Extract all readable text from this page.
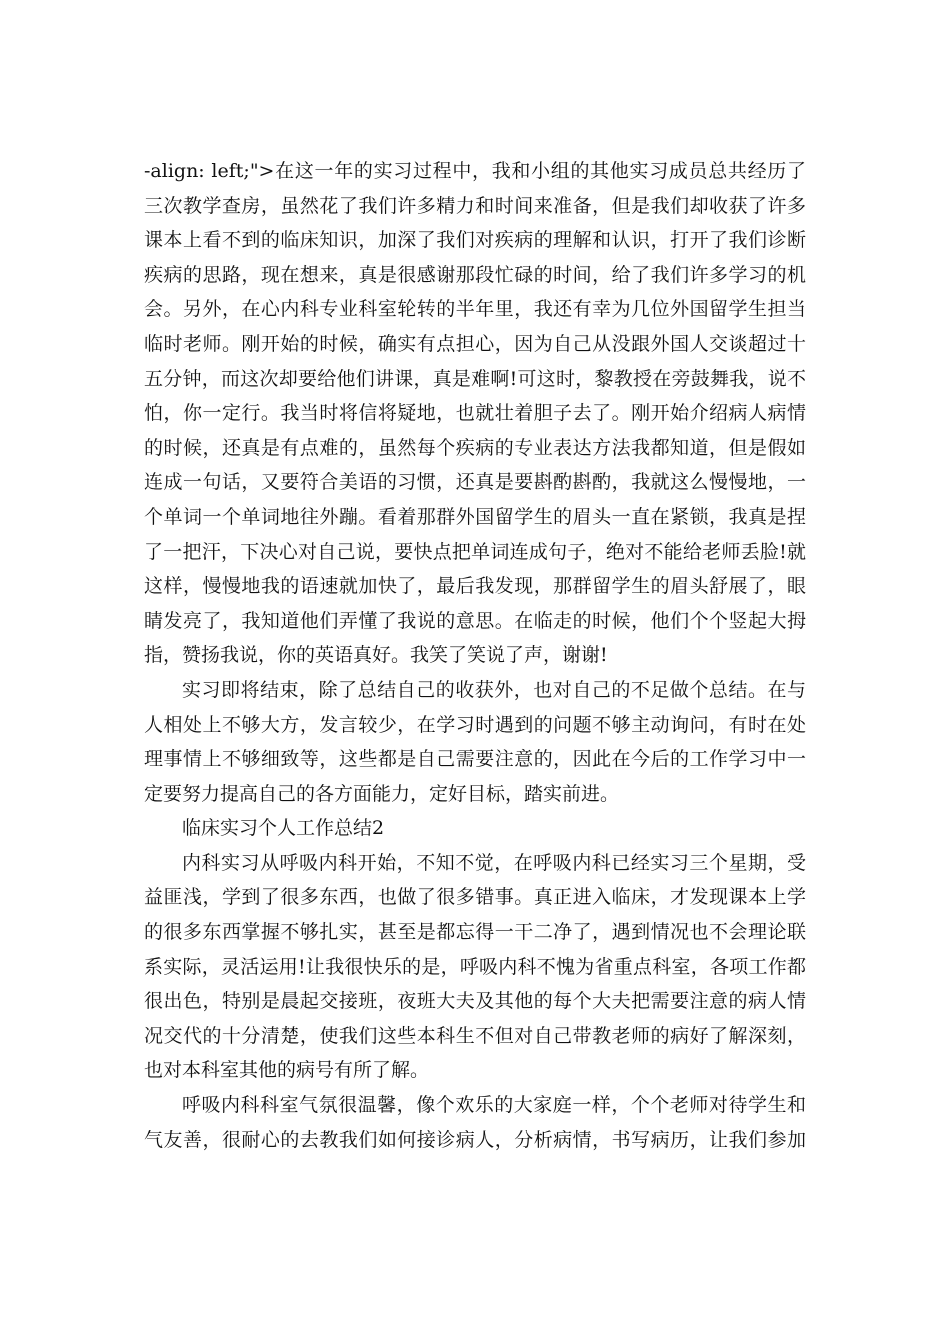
-align: left;">在这一年的实习过程中，我和小组的其他实习成员总共经历了
三次教学查房，虽然花了我们许多精力和时间来准备，但是我们却收获了许多
课本上看不到的临床知识，加深了我们对疾病的理解和认识，打开了我们诊断
疾病的思路，现在想来，真是很感谢那段忙碌的时间，给了我们许多学习的机
会。另外，在心内科专业科室轮转的半年里，我还有幸为几位外国留学生担当
临时老师。刚开始的时候，确实有点担心，因为自己从没跟外国人交谈超过十
五分钟，而这次却要给他们讲课，真是难啊!可这时，黎教授在旁鼓舞我，说不
怕，你一定行。我当时将信将疑地，也就壮着胆子去了。刚开始介绍病人病情
的时候，还真是有点难的，虽然每个疾病的专业表达方法我都知道，但是假如
连成一句话，又要符合美语的习惯，还真是要斟酌斟酌，我就这么慢慢地，一
个单词一个单词地往外蹦。看着那群外国留学生的眉头一直在紧锁，我真是捏
了一把汗，下决心对自己说，要快点把单词连成句子，绝对不能给老师丢脸!就
这样，慢慢地我的语速就加快了，最后我发现，那群留学生的眉头舒展了，眼
睛发亮了，我知道他们弄懂了我说的意思。在临走的时候，他们个个竖起大拇
指，赞扬我说，你的英语真好。我笑了笑说了声，谢谢!
实习即将结束，除了总结自己的收获外，也对自己的不足做个总结。在与
人相处上不够大方，发言较少，在学习时遇到的问题不够主动询问，有时在处
理事情上不够细致等，这些都是自己需要注意的，因此在今后的工作学习中一
定要努力提高自己的各方面能力，定好目标，踏实前进。
临床实习个人工作总结2
内科实习从呼吸内科开始，不知不觉，在呼吸内科已经实习三个星期，受
益匪浅，学到了很多东西，也做了很多错事。真正进入临床，才发现课本上学
的很多东西掌握不够扎实，甚至是都忘得一干二净了，遇到情况也不会理论联
系实际，灵活运用!让我很快乐的是，呼吸内科不愧为省重点科室，各项工作都
很出色，特别是晨起交接班，夜班大夫及其他的每个大夫把需要注意的病人情
况交代的十分清楚，使我们这些本科生不但对自己带教老师的病好了解深刻，
也对本科室其他的病号有所了解。
呼吸内科科室气氛很温馨，像个欢乐的大家庭一样，个个老师对待学生和
气友善，很耐心的去教我们如何接诊病人，分析病情，书写病历，让我们参加
